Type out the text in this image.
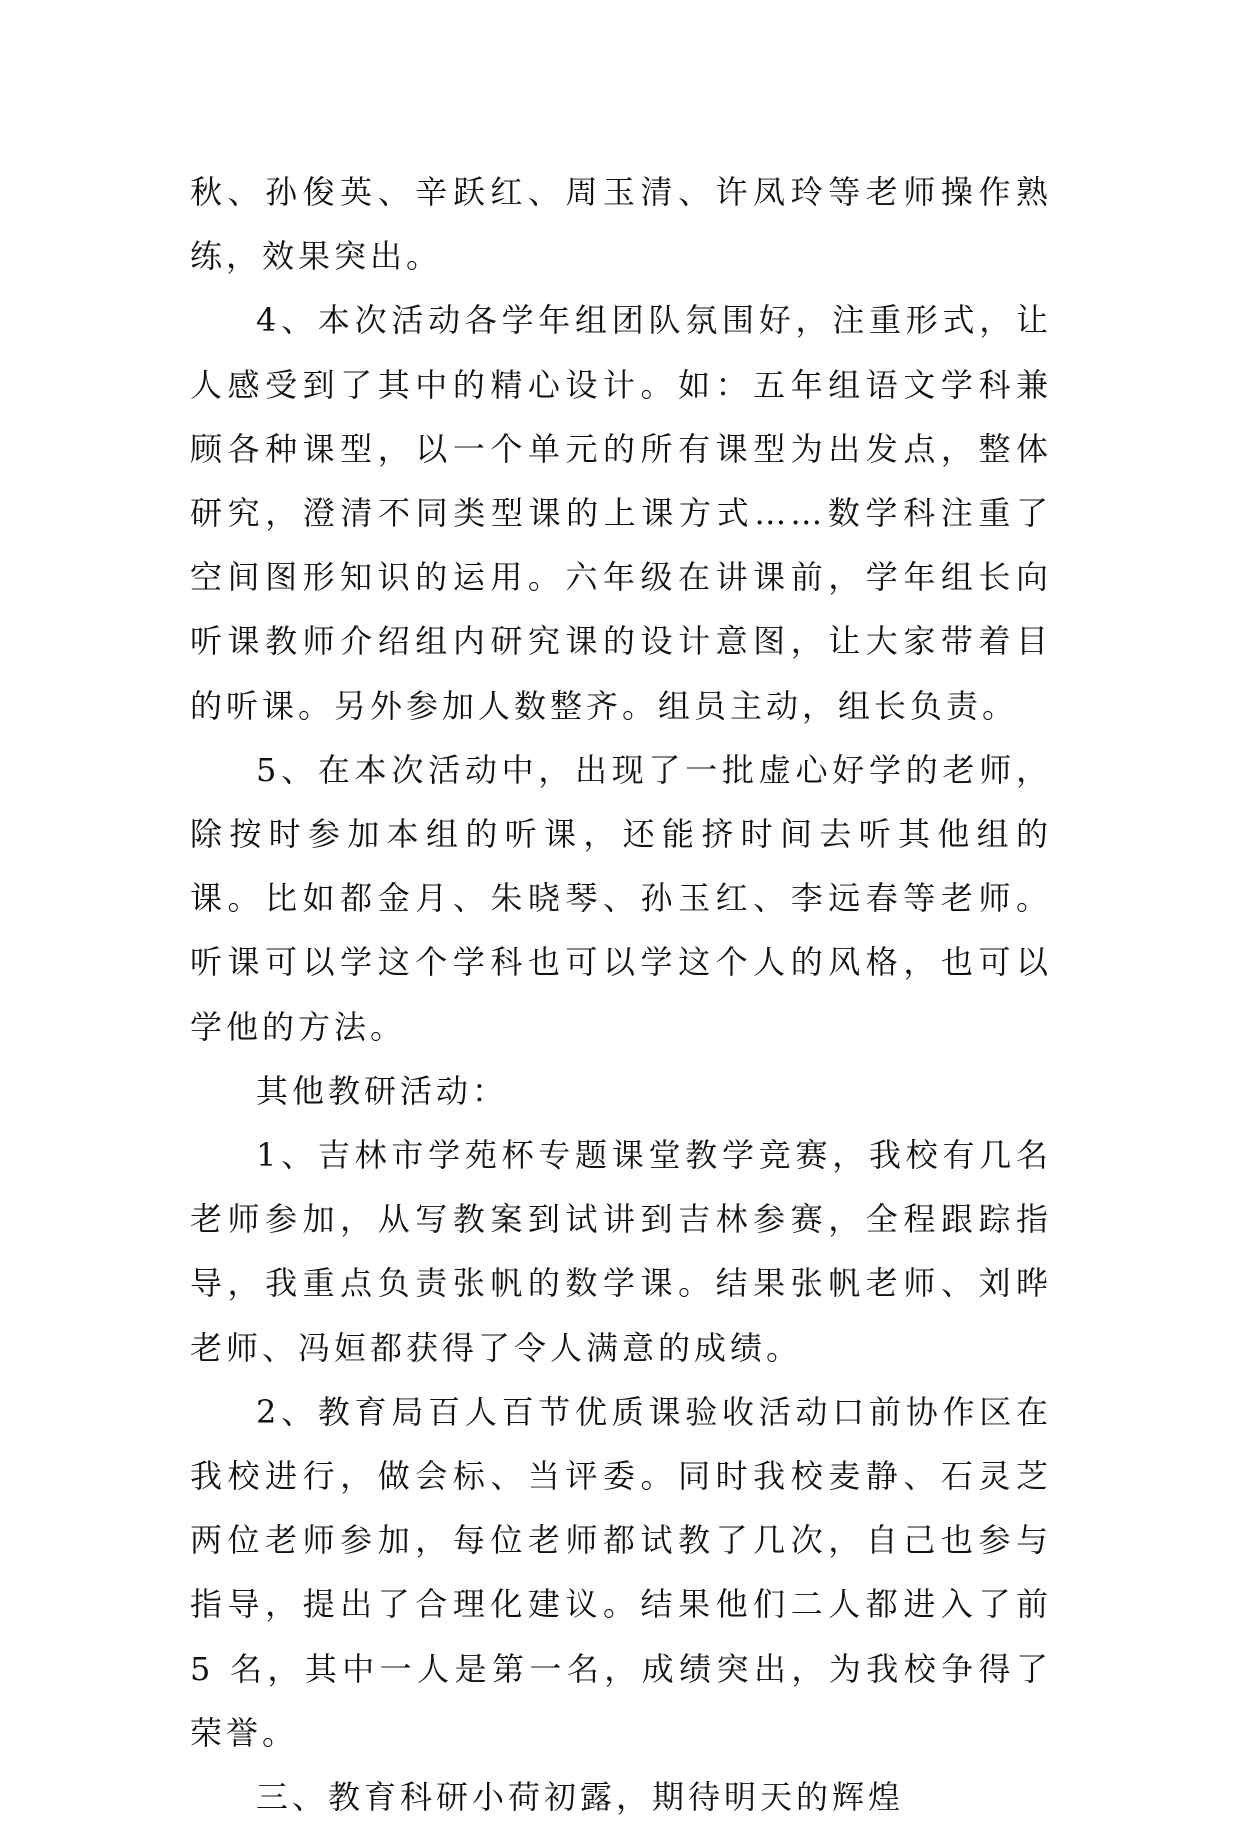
秋、孙俊英、辛跃红、周玉清、许凤玲等老师操作熟练，效果突出。

4、本次活动各学年组团队氛围好，注重形式，让人感受到了其中的精心设计。如：五年组语文学科兼顾各种课型，以一个单元的所有课型为出发点，整体研究，澄清不同类型课的上课方式……数学科注重了空间图形知识的运用。六年级在讲课前，学年组长向听课教师介绍组内研究课的设计意图，让大家带着目的听课。另外参加人数整齐。组员主动，组长负责。

5、在本次活动中，出现了一批虚心好学的老师，除按时参加本组的听课，还能挤时间去听其他组的课。比如都金月、朱晓琴、孙玉红、李远春等老师。听课可以学这个学科也可以学这个人的风格，也可以学他的方法。

其他教研活动：

1、吉林市学苑杯专题课堂教学竞赛，我校有几名老师参加，从写教案到试讲到吉林参赛，全程跟踪指导，我重点负责张帆的数学课。结果张帆老师、刘晔老师、冯姮都获得了令人满意的成绩。

2、教育局百人百节优质课验收活动口前协作区在我校进行，做会标、当评委。同时我校麦静、石灵芝两位老师参加，每位老师都试教了几次，自己也参与指导，提出了合理化建议。结果他们二人都进入了前 5 名，其中一人是第一名，成绩突出，为我校争得了荣誉。

三、教育科研小荷初露，期待明天的辉煌
